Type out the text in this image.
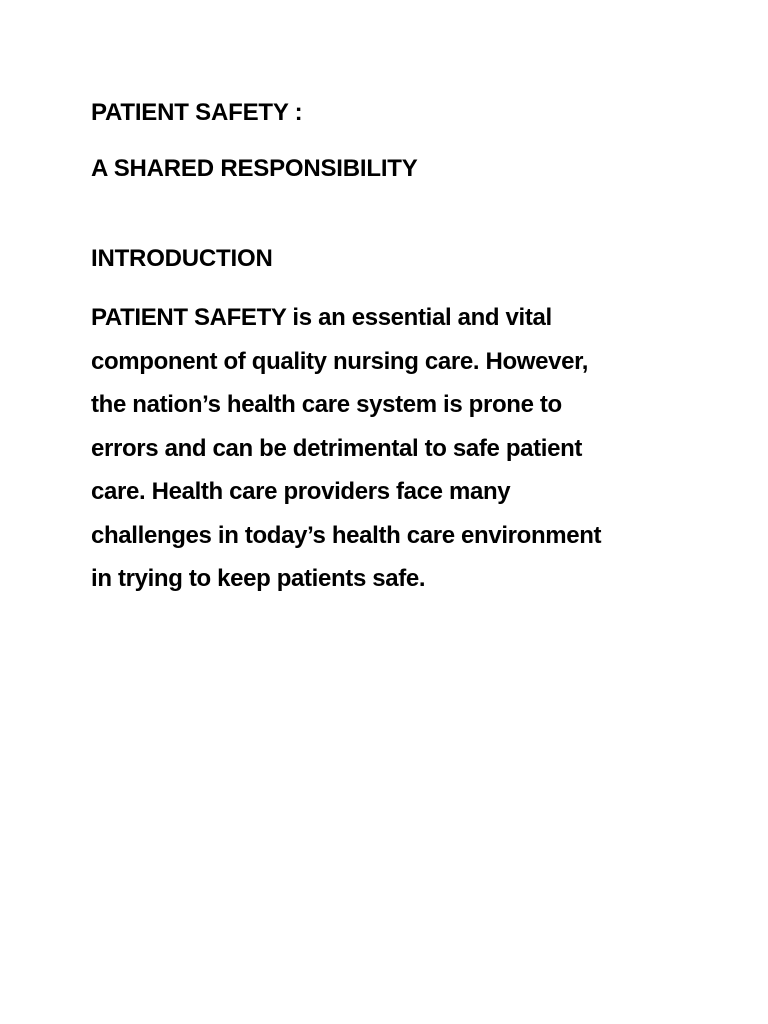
PATIENT SAFETY :

A SHARED RESPONSIBILITY

INTRODUCTION

PATIENT SAFETY is an essential and vital
component of quality nursing care. However,
the nation’s health care system is prone to
errors and can be detrimental to safe patient
care. Health care providers face many
challenges in today’s health care environment
in trying to keep patients safe.
